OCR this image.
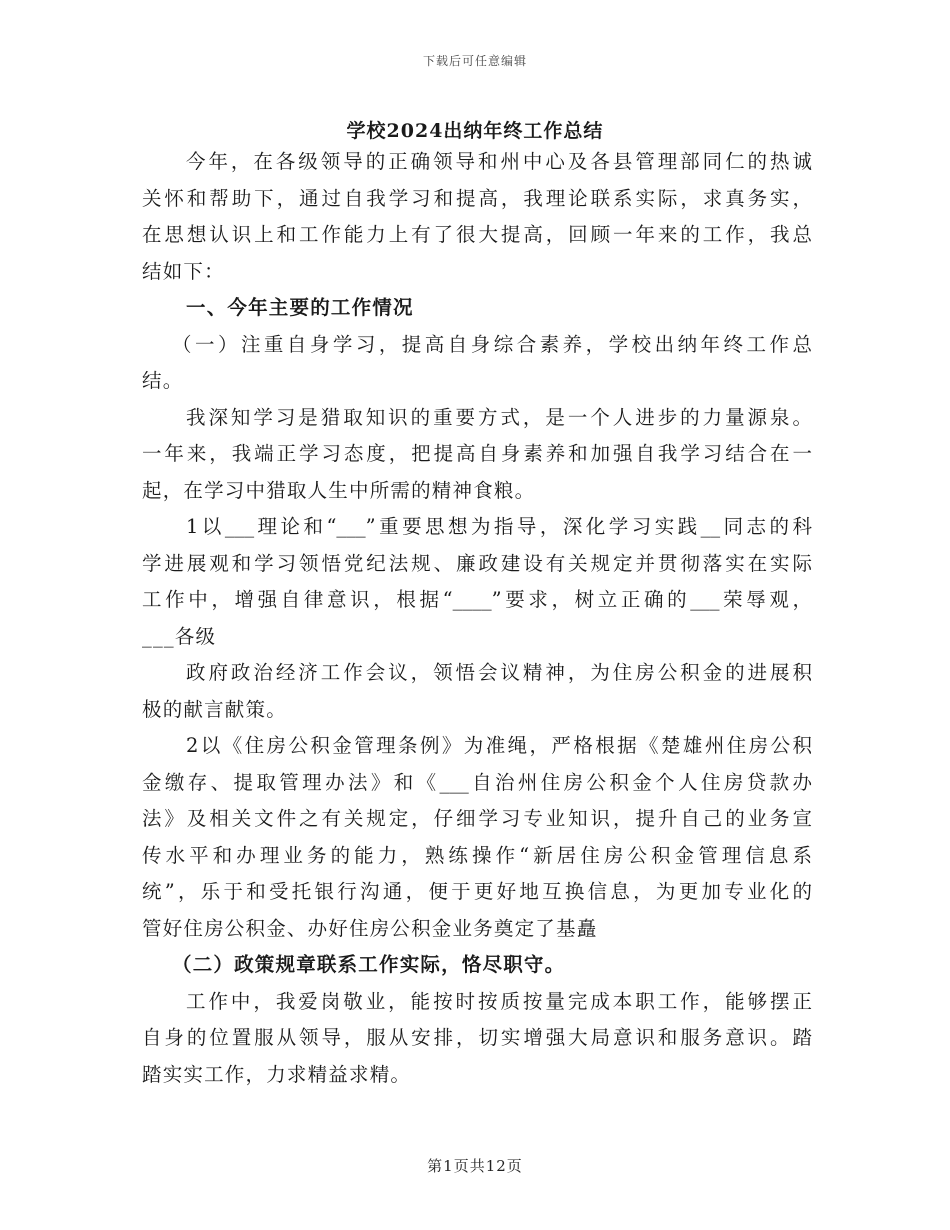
下载后可任意编辑
学校2024出纳年终工作总结
今年，在各级领导的正确领导和州中心及各县管理部同仁的热诚
关怀和帮助下，通过自我学习和提高，我理论联系实际，求真务实，
在思想认识上和工作能力上有了很大提高，回顾一年来的工作，我总
结如下：
一、今年主要的工作情况
（一）注重自身学习，提高自身综合素养，学校出纳年终工作总
结。
我深知学习是猎取知识的重要方式，是一个人进步的力量源泉。
一年来，我端正学习态度，把提高自身素养和加强自我学习结合在一
起，在学习中猎取人生中所需的精神食粮。
1以___理论和“___”重要思想为指导，深化学习实践__同志的科
学进展观和学习领悟党纪法规、廉政建设有关规定并贯彻落实在实际
工作中，增强自律意识，根据“____”要求，树立正确的___荣辱观，
___各级
政府政治经济工作会议，领悟会议精神，为住房公积金的进展积
极的献言献策。
2以《住房公积金管理条例》为准绳，严格根据《楚雄州住房公积
金缴存、提取管理办法》和《___自治州住房公积金个人住房贷款办
法》及相关文件之有关规定，仔细学习专业知识，提升自己的业务宣
传水平和办理业务的能力，熟练操作“新居住房公积金管理信息系
统”，乐于和受托银行沟通，便于更好地互换信息，为更加专业化的
管好住房公积金、办好住房公积金业务奠定了基矗
（二）政策规章联系工作实际，恪尽职守。
工作中，我爱岗敬业，能按时按质按量完成本职工作，能够摆正
自身的位置服从领导，服从安排，切实增强大局意识和服务意识。踏
踏实实工作，力求精益求精。
第1页共12页
